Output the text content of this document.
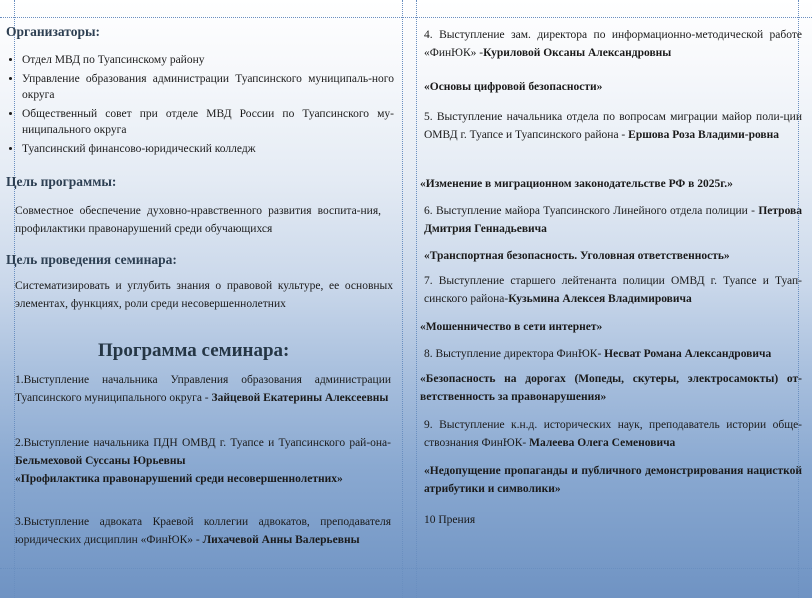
Организаторы:
• Отдел МВД по Туапсинскому району
• Управление образования администрации Туапсинского муниципаль-ного округа
• Общественный совет при отделе МВД России по Туапсинского му-ниципального округа
• Туапсинский финансово-юридический колледж
Цель программы:
Совместное обеспечение духовно-нравственного развития воспита-ния, профилактики правонарушений среди обучающихся
Цель проведения семинара:
Систематизировать и углубить знания о правовой культуре, ее основных элементах, функциях, роли среди несовершеннолетних
Программа семинара:
1.Выступление начальника Управления образования администрации Туапсинского муниципального округа - Зайцевой Екатерины Алексеевны
2.Выступление начальника ПДН ОМВД г. Туапсе и Туапсинского рай-она- Бельмеховой Суссаны Юрьевны
«Профилактика правонарушений среди несовершеннолетних»
3.Выступление адвоката Краевой коллегии адвокатов, преподавателя юридических дисциплин «ФинЮК» - Лихачевой Анны Валерьевны
4. Выступление зам. директора по информационно-методической работе «ФинЮК» -Куриловой Оксаны Александровны
«Основы цифровой безопасности»
5. Выступление начальника отдела по вопросам миграции майор поли-ции ОМВД г. Туапсе и Туапсинского района - Ершова Роза Владими-ровна
«Изменение в миграционном законодательстве РФ в 2025г.»
6. Выступление майора Туапсинского Линейного отдела полиции - Петрова Дмитрия Геннадьевича
«Транспортная безопасность. Уголовная ответственность»
7. Выступление старшего лейтенанта полиции ОМВД г. Туапсе и Туап-синского района-Кузьмина Алексея Владимировича
«Мошенничество в сети интернет»
8. Выступление директора ФинЮК- Несват Романа Александровича
«Безопасность на дорогах (Мопеды, скутеры, электросамокты) от-ветственность за правонарушения»
9. Выступление к.н.д. исторических наук, преподаватель истории обще-ствознания ФинЮК- Малеева Олега Семеновича
«Недопущение пропаганды и публичного демонстрирования нацисткой атрибутики и символики»
10 Прения
